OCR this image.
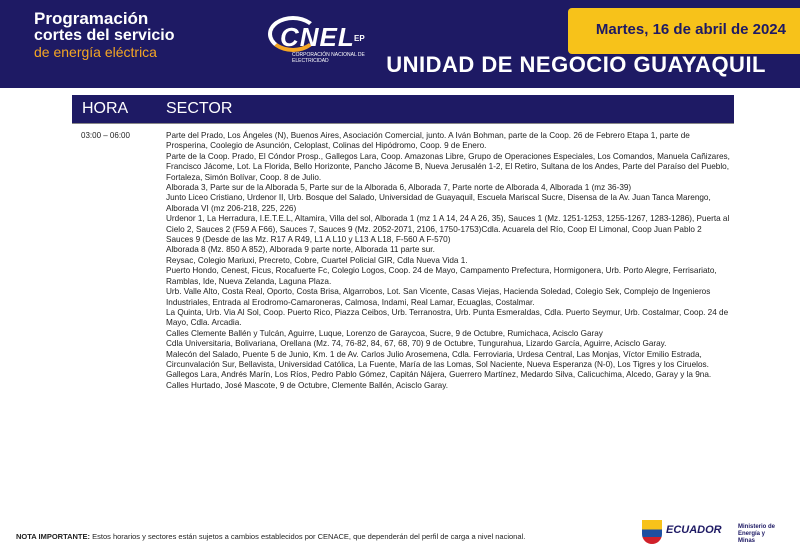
Programación
cortes del servicio
de energía eléctrica	CNEL EP
CORPORACIÓN NACIONAL DE ELECTRICIDAD
Martes, 16 de abril de 2024
UNIDAD DE NEGOCIO GUAYAQUIL
HORA SECTOR
03:00 – 06:00	Parte del Prado, Los Ángeles (N), Buenos Aires, Asociación Comercial, junto. A Iván Bohman, parte de la Coop. 26 de Febrero Etapa 1, parte de Prosperina, Coolegio de Asunción, Celoplast, Colinas del Hipódromo, Coop. 9 de Enero.
Parte de la Coop. Prado, El Cóndor Prosp., Gallegos Lara, Coop. Amazonas Libre, Grupo de Operaciones Especiales, Los Comandos, Manuela Cañizares, Francisco Jácome, Lot. La Florida, Bello Horizonte, Pancho Jácome B, Nueva Jerusalén 1-2, El Retiro, Sultana de los Andes, Parte del Paraíso del Pueblo, Fortaleza, Simón Bolívar, Coop. 8 de Julio.
Alborada 3, Parte sur de la Alborada 5, Parte sur de la Alborada 6, Alborada 7, Parte norte de Alborada 4, Alborada 1 (mz 36-39)
Junto Liceo Cristiano, Urdenor II, Urb. Bosque del Salado, Universidad de Guayaquil, Escuela Mariscal Sucre, Disensa de la Av. Juan Tanca Marengo, Alborada VI (mz 206-218, 225, 226)
Urdenor 1, La Herradura, I.E.T.E.L, Altamira, Villa del sol, Alborada 1 (mz 1 A 14, 24 A 26, 35), Sauces 1 (Mz. 1251-1253, 1255-1267, 1283-1286), Puerta al Cielo 2, Sauces 2 (F59 A F66), Sauces 7, Sauces 9 (Mz. 2052-2071, 2106, 1750-1753)Cdla. Acuarela del Río, Coop El Limonal, Coop Juan Pablo 2
Sauces 9 (Desde de las Mz. R17 A R49, L1 A L10 y L13 A L18, F-560 A F-570)
Alborada 8 (Mz. 850 A 852), Alborada 9 parte norte, Alborada 11 parte sur.
Reysac, Colegio Mariuxi, Precreto, Cobre, Cuartel Policial GIR, Cdla Nueva Vida 1.
Puerto Hondo, Cenest, Ficus, Rocafuerte Fc, Colegio Logos, Coop. 24 de Mayo, Campamento Prefectura, Hormigonera, Urb. Porto Alegre, Ferrisariato, Ramblas, Ide, Nueva Zelanda, Laguna Plaza.
Urb. Valle Alto, Costa Real, Oporto, Costa Brisa, Algarrobos, Lot. San Vicente, Casas Viejas, Hacienda Soledad, Colegio Sek, Complejo de Ingenieros Industriales, Entrada al Erodromo-Camaroneras, Calmosa, Indami, Real Lamar, Ecuaglas, Costalmar.
La Quinta, Urb. Via Al Sol, Coop. Puerto Rico, Piazza Ceibos, Urb. Terranostra, Urb. Punta Esmeraldas, Cdla. Puerto Seymur, Urb. Costalmar, Coop. 24 de Mayo, Cdla. Arcadia.
Calles Clemente Ballén y Tulcán, Aguirre, Luque, Lorenzo de Garaycoa, Sucre, 9 de Octubre, Rumichaca, Acisclo Garay
Cdla Universitaria, Bolivariana, Orellana (Mz. 74, 76-82, 84, 67, 68, 70) 9 de Octubre, Tungurahua, Lizardo García, Aguirre, Acisclo Garay.
Malecón del Salado, Puente 5 de Junio, Km. 1 de Av. Carlos Julio Arosemena, Cdla. Ferroviaria, Urdesa Central, Las Monjas, Víctor Emilio Estrada, Circunvalación Sur, Bellavista, Universidad Católica, La Fuente, María de las Lomas, Sol Naciente, Nueva Esperanza (N-0), Los Tigres y los Ciruelos.
Gallegos Lara, Andrés Marín, Los Ríos, Pedro Pablo Gómez, Capitán Nájera, Guerrero Martínez, Medardo Silva, Calicuchima, Alcedo, Garay y la 9na.
Calles Hurtado, José Mascote, 9 de Octubre, Clemente Ballén, Acisclo Garay.
NOTA IMPORTANTE: Estos horarios y sectores están sujetos a cambios establecidos por CENACE, que dependerán del perfil de carga a nivel nacional.
ECUADOR	Ministerio de Energía y Minas
